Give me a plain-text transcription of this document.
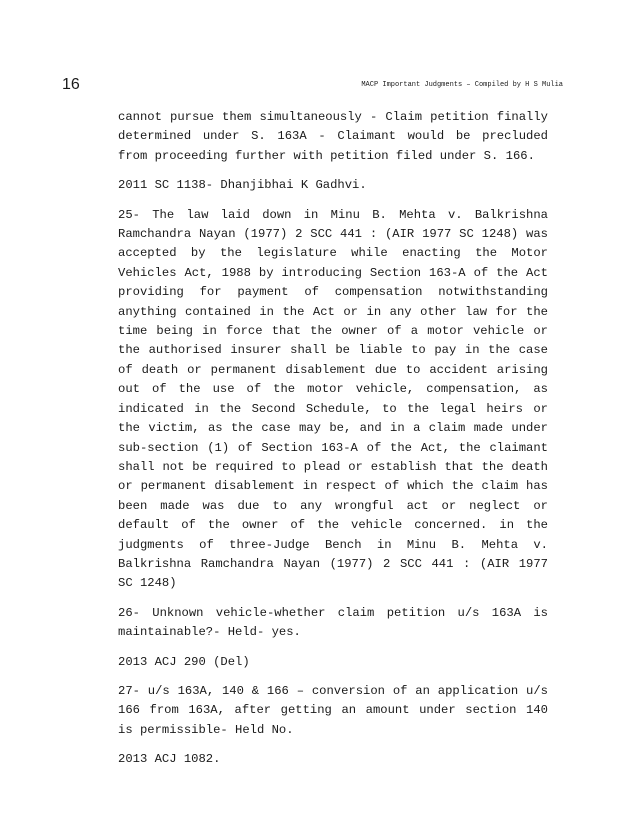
16	MACP Important Judgments – Compiled by H S Mulia

cannot pursue them simultaneously - Claim petition finally determined under S. 163A - Claimant would be precluded from proceeding further with petition filed under S. 166.

2011 SC 1138- Dhanjibhai K Gadhvi.

25- The law laid down in Minu B. Mehta v. Balkrishna Ramchandra Nayan (1977) 2 SCC 441 : (AIR 1977 SC 1248) was accepted by the legislature while enacting the Motor Vehicles Act, 1988 by introducing Section 163-A of the Act providing for payment of compensation notwithstanding anything contained in the Act or in any other law for the time being in force that the owner of a motor vehicle or the authorised insurer shall be liable to pay in the case of death or permanent disablement due to accident arising out of the use of the motor vehicle, compensation, as indicated in the Second Schedule, to the legal heirs or the victim, as the case may be, and in a claim made under sub-section (1) of Section 163-A of the Act, the claimant shall not be required to plead or establish that the death or permanent disablement in respect of which the claim has been made was due to any wrongful act or neglect or default of the owner of the vehicle concerned. in the judgments of three-Judge Bench in Minu B. Mehta v. Balkrishna Ramchandra Nayan (1977) 2 SCC 441 : (AIR 1977 SC 1248)

26- Unknown vehicle-whether claim petition u/s 163A is maintainable?- Held- yes.

2013 ACJ 290 (Del)

27- u/s 163A, 140 & 166 – conversion of an application u/s 166 from 163A, after getting an amount under section 140 is permissible- Held No.

2013 ACJ 1082.
